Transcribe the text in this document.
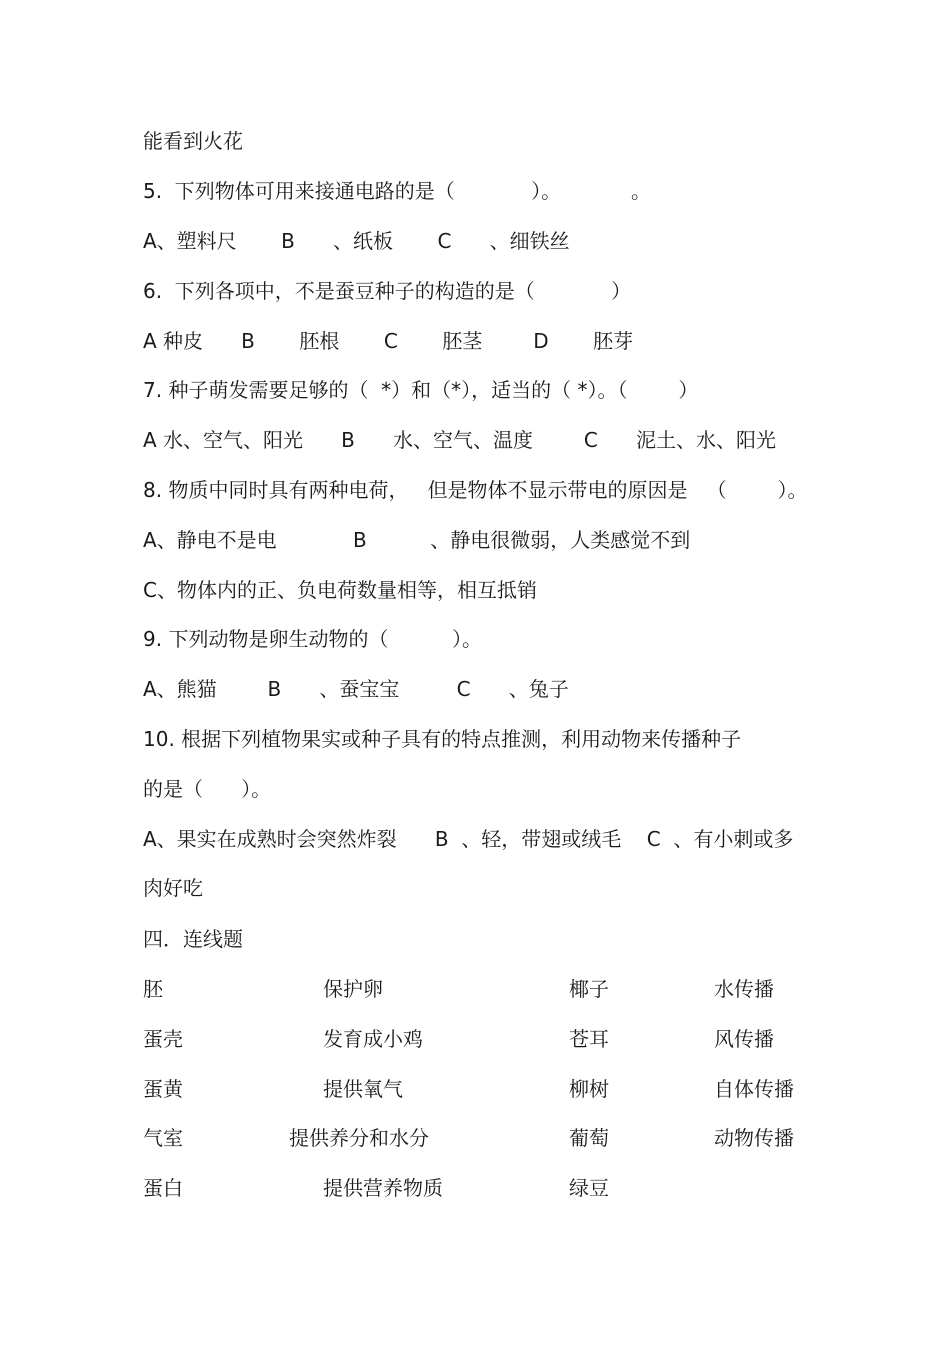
能看到火花
5.  下列物体可用来接通电路的是（            ）。           。
A、塑料尺       B      、纸板       C      、细铁丝
6.  下列各项中，不是蚕豆种子的构造的是（            ）
A 种皮      B       胚根       C       胚茎        D       胚芽
7. 种子萌发需要足够的（  *）和（*），适当的（ *）。（        ）
A 水、空气、阳光      B      水、空气、温度        C      泥土、水、阳光
8. 物质中同时具有两种电荷，   但是物体不显示带电的原因是   （        ）。
A、静电不是电            B          、静电很微弱，人类感觉不到
C、物体内的正、负电荷数量相等，相互抵销
9. 下列动物是卵生动物的（          ）。
A、熊猫        B      、蚕宝宝         C      、兔子
10. 根据下列植物果实或种子具有的特点推测，利用动物来传播种子
的是（      ）。
A、果实在成熟时会突然炸裂      B  、轻，带翅或绒毛    C  、有小刺或多
肉好吃
四．连线题
胚
蛋壳
蛋黄
气室
蛋白
保护卵
发育成小鸡
提供氧气
提供养分和水分
提供营养物质
椰子
苍耳
柳树
葡萄
绿豆
水传播
风传播
自体传播
动物传播
